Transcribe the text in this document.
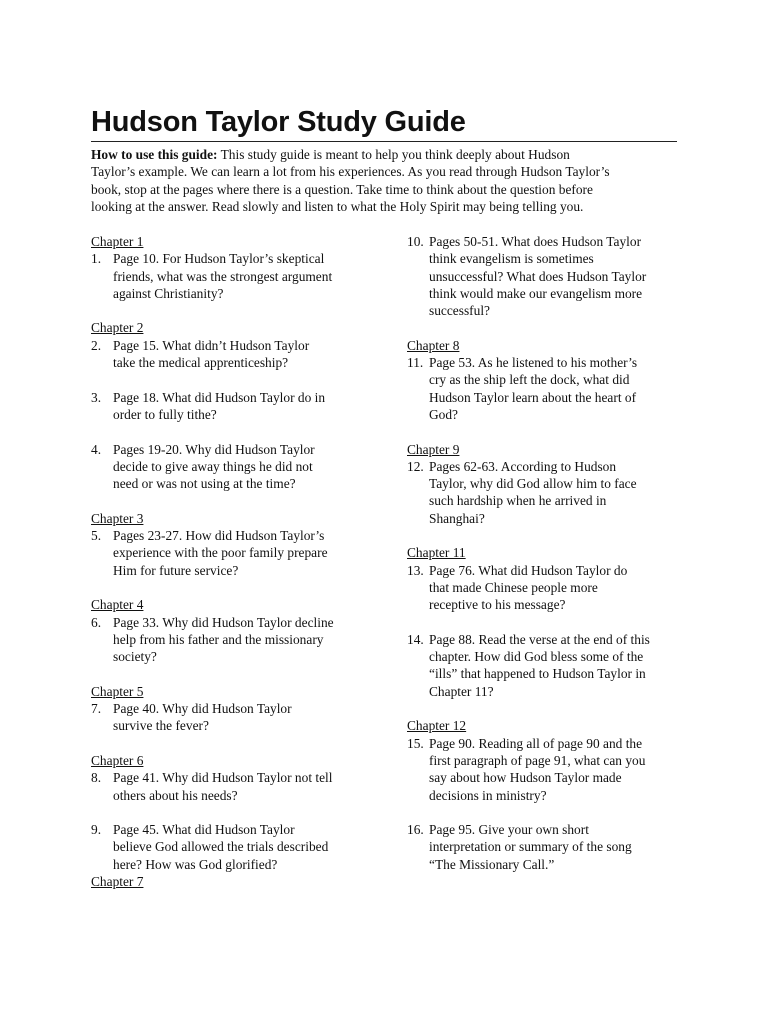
Hudson Taylor Study Guide
How to use this guide: This study guide is meant to help you think deeply about Hudson
Taylor’s example. We can learn a lot from his experiences. As you read through Hudson Taylor’s
book, stop at the pages where there is a question. Take time to think about the question before
looking at the answer. Read slowly and listen to what the Holy Spirit may being telling you.
Chapter 1
1. Page 10. For Hudson Taylor’s skeptical
friends, what was the strongest argument
against Christianity?
Chapter 2
2. Page 15. What didn’t Hudson Taylor
take the medical apprenticeship?
3. Page 18. What did Hudson Taylor do in
order to fully tithe?
4. Pages 19-20. Why did Hudson Taylor
decide to give away things he did not
need or was not using at the time?
Chapter 3
5. Pages 23-27. How did Hudson Taylor’s
experience with the poor family prepare
Him for future service?
Chapter 4
6. Page 33. Why did Hudson Taylor decline
help from his father and the missionary
society?
Chapter 5
7. Page 40. Why did Hudson Taylor
survive the fever?
Chapter 6
8. Page 41. Why did Hudson Taylor not tell
others about his needs?
9. Page 45. What did Hudson Taylor
believe God allowed the trials described
here? How was God glorified?
Chapter 7
10. Pages 50-51. What does Hudson Taylor
think evangelism is sometimes
unsuccessful? What does Hudson Taylor
think would make our evangelism more
successful?
Chapter 8
11. Page 53. As he listened to his mother’s
cry as the ship left the dock, what did
Hudson Taylor learn about the heart of
God?
Chapter 9
12. Pages 62-63. According to Hudson
Taylor, why did God allow him to face
such hardship when he arrived in
Shanghai?
Chapter 11
13. Page 76. What did Hudson Taylor do
that made Chinese people more
receptive to his message?
14. Page 88. Read the verse at the end of this
chapter. How did God bless some of the
“ills” that happened to Hudson Taylor in
Chapter 11?
Chapter 12
15. Page 90. Reading all of page 90 and the
first paragraph of page 91, what can you
say about how Hudson Taylor made
decisions in ministry?
16. Page 95. Give your own short
interpretation or summary of the song
“The Missionary Call.”
